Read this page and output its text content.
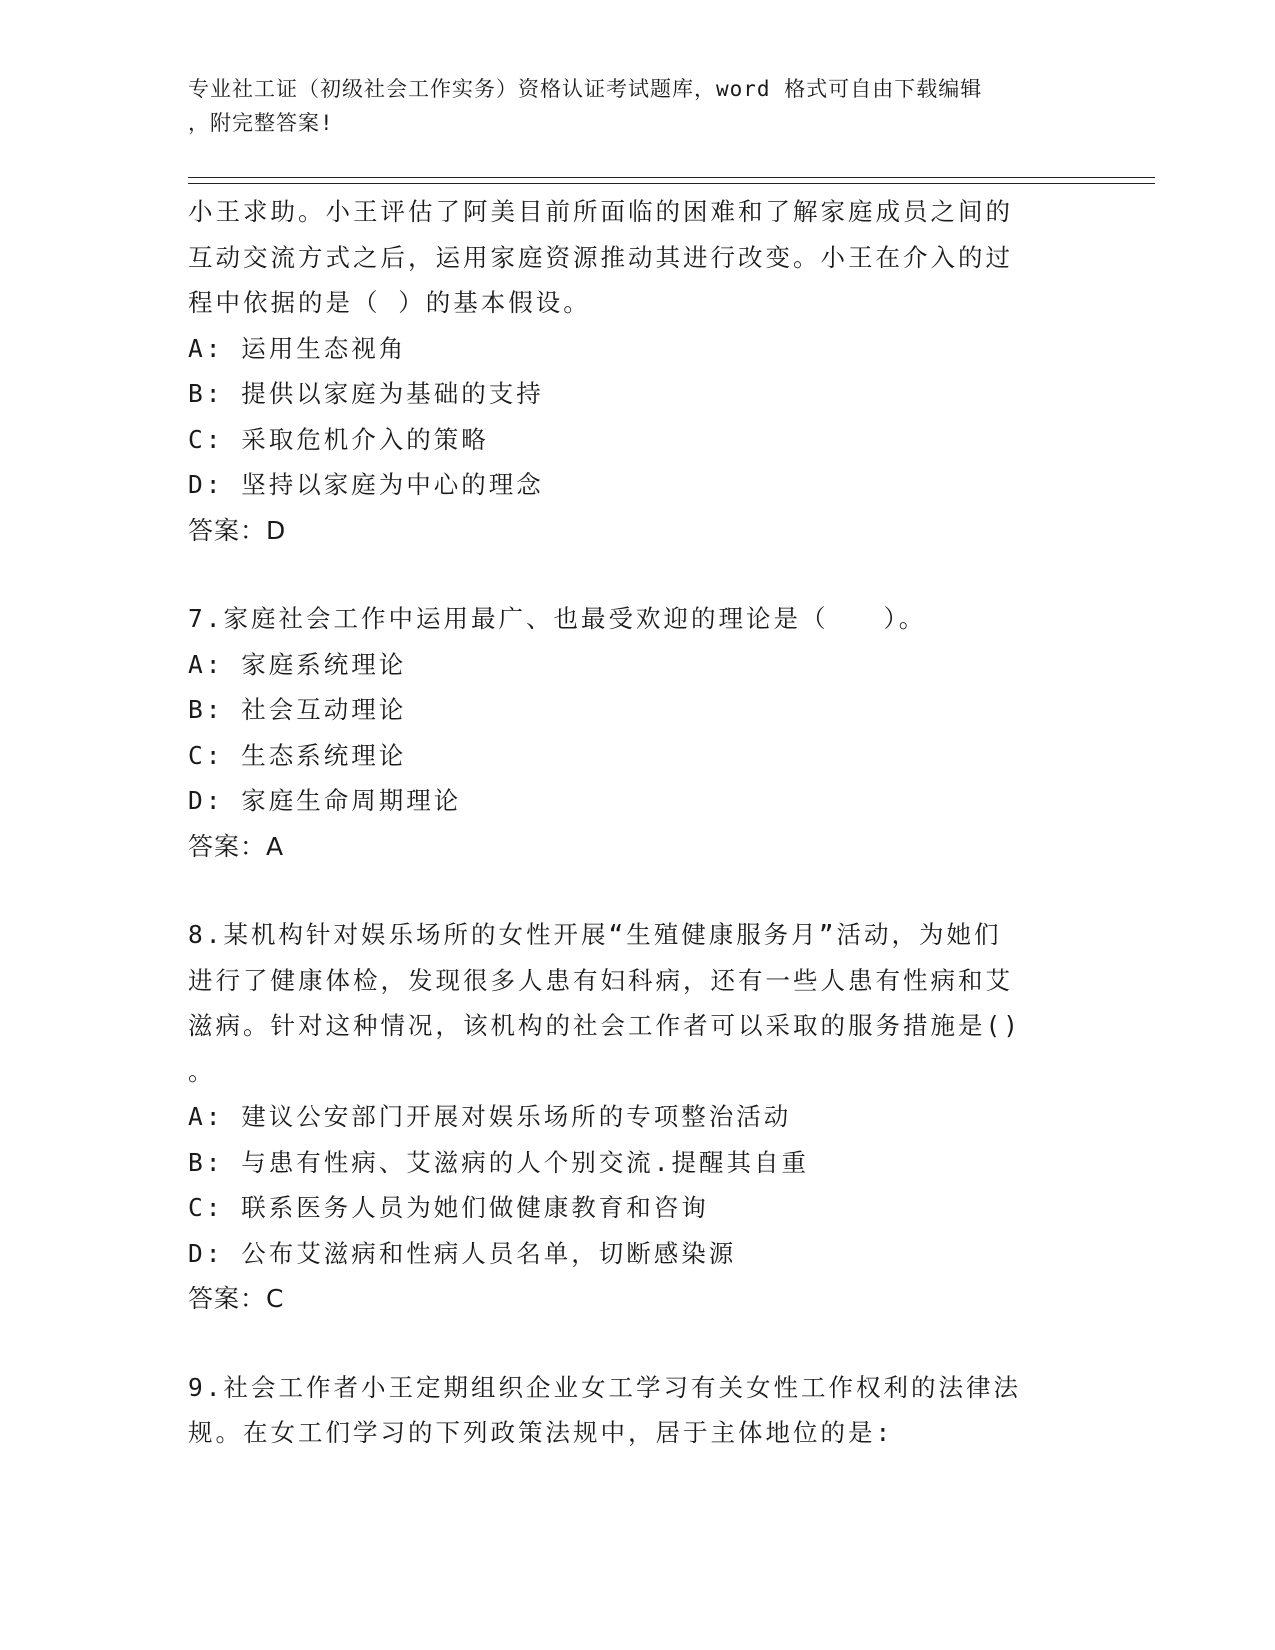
专业社工证（初级社会工作实务）资格认证考试题库，word 格式可自由下载编辑
，附完整答案!
小王求助。小王评估了阿美目前所面临的困难和了解家庭成员之间的
互动交流方式之后，运用家庭资源推动其进行改变。小王在介入的过
程中依据的是（ ）的基本假设。
A: 运用生态视角
B: 提供以家庭为基础的支持
C: 采取危机介入的策略
D: 坚持以家庭为中心的理念
答案：D
7.家庭社会工作中运用最广、也最受欢迎的理论是（　　）。
A: 家庭系统理论
B: 社会互动理论
C: 生态系统理论
D: 家庭生命周期理论
答案：A
8.某机构针对娱乐场所的女性开展“生殖健康服务月”活动，为她们
进行了健康体检，发现很多人患有妇科病，还有一些人患有性病和艾
滋病。针对这种情况，该机构的社会工作者可以采取的服务措施是()
。
A: 建议公安部门开展对娱乐场所的专项整治活动
B: 与患有性病、艾滋病的人个别交流.提醒其自重
C: 联系医务人员为她们做健康教育和咨询
D: 公布艾滋病和性病人员名单，切断感染源
答案：C
9.社会工作者小王定期组织企业女工学习有关女性工作权利的法律法
规。在女工们学习的下列政策法规中，居于主体地位的是:
